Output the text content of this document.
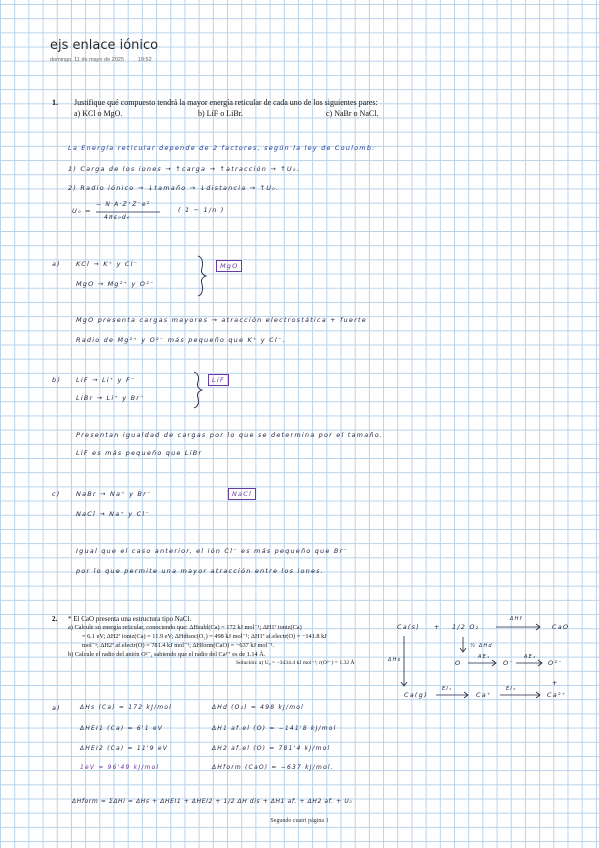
ejs enlace iónico
domingo, 11 de mayo de 2025	10:52
1. Justifique qué compuesto tendrá la mayor energía reticular de cada uno de los siguientes pares:
a) KCl o MgO.	b) LiF o LiBr.	c) NaBr o NaCl.
La Energía reticular depende de 2 factores, según la ley de Coulomb:
1) Carga de los iones → ↑carga → ↑atracción → ↑U₀.
2) Radio iónico → ↓tamaño → ↓distancia → ↑U₀.
U₀ =
− N·A·Z⁺Z⁻e²
4πε₀d₀
( 1 − 1/n )
a) KCl → K⁺ y Cl⁻
MgO → Mg²⁺ y O²⁻
MgO
MgO presenta cargas mayores → atracción electrostática + fuerte
Radio de Mg²⁺ y O²⁻ más pequeño que K⁺ y Cl⁻.
b) LiF → Li⁺ y F⁻
LiBr → Li⁺ y Br⁻
LiF
Presentan igualdad de cargas por lo que se determina por el tamaño.
LiF es más pequeño que LiBr
c) NaBr → Na⁺ y Br⁻
NaCl → Na⁺ y Cl⁻
NaCl
Igual que el caso anterior, el ión Cl⁻ es más pequeño que Br⁻
por lo que permite una mayor atracción entre los iones.
2. * El CaO presenta una estructura tipo NaCl.
a) Calcule su energía reticular, conociendo que: ΔHsubl(Ca) = 172 kJ mol⁻¹; ΔH1ª ioniz(Ca)
= 6.1 eV; ΔH2ª ioniz(Ca) = 11.9 eV; ΔHdisoc(O₂) = 498 kJ mol⁻¹; ΔH1ª af.electr(O) = −141.8 kJ
mol⁻¹; ΔH2ª af.electr(O) = 781.4 kJ mol⁻¹; ΔHform(CaO) = −637 kJ mol⁻¹.
b) Calcule el radio del anión O²⁻, sabiendo que el radio del Ca²⁺ es de 1.14 Å.
Solución: a) U₀ = −3434.4 kJ mol⁻¹; r(O²⁻) = 1.32 Å
Ca(s) + 1/2 O₂
ΔHf
CaO
½ ΔHd
O
AE₁
O⁻
AE₂
O²⁻
ΔHs
Ca(g)
EI₁
Ca⁺
EI₂
Ca²⁺
+
a)	ΔHs (Ca) = 172 kJ/mol	ΔHd (O₂) = 498 kJ/mol
ΔHEI1 (Ca) = 6'1 eV	ΔH1 af.el (O) = −141'8 kJ/mol
ΔHEI2 (Ca) = 11'9 eV	ΔH2 af.el (O) = 781'4 kJ/mol
1eV = 96'49 kJ/mol	ΔHform (CaO) = −637 kJ/mol.
ΔHform = ΣΔHi = ΔHs + ΔHEI1 + ΔHEI2 + 1/2 ΔH dis + ΔH1 af. + ΔH2 af. + U₀
Segundo cuatri página 1
